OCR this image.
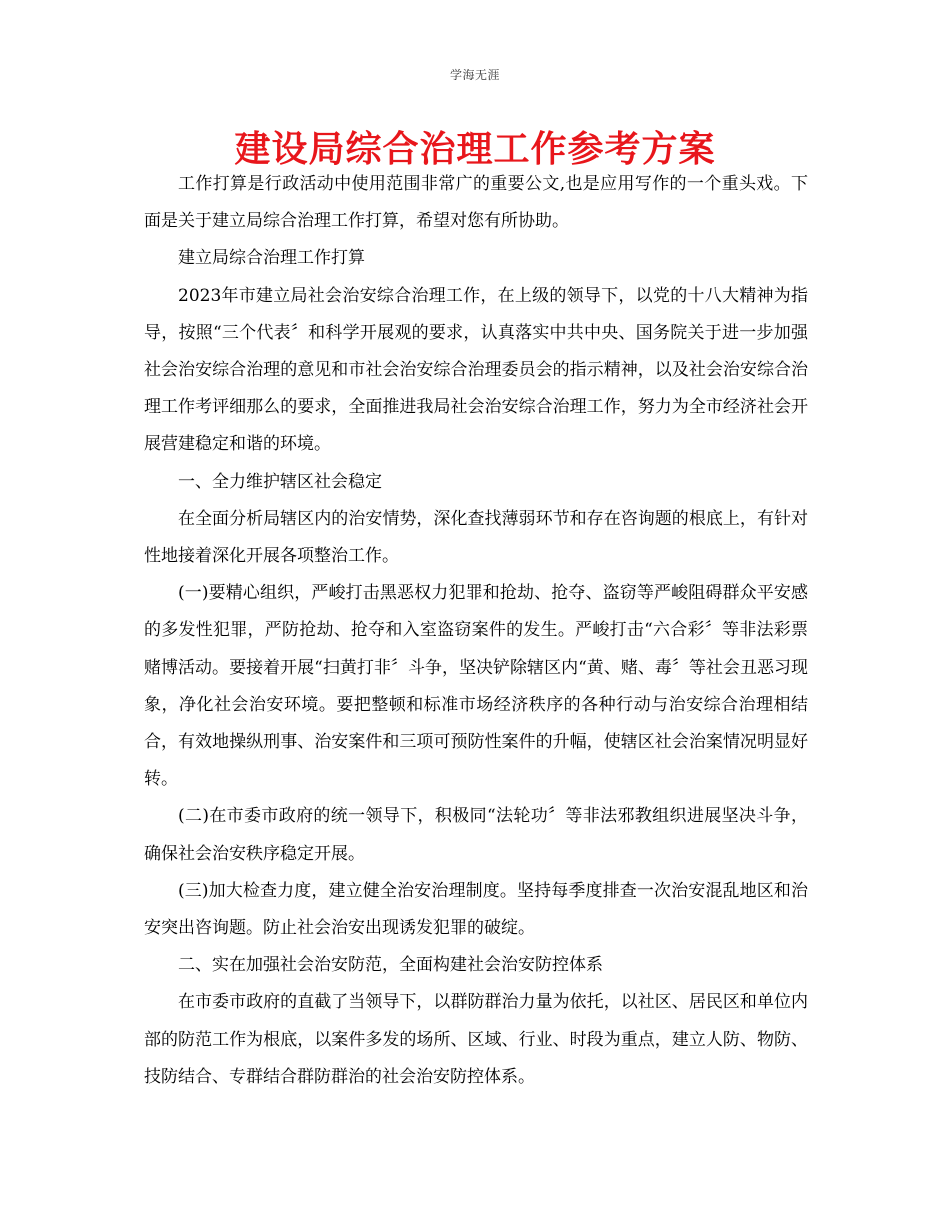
学海无涯
建设局综合治理工作参考方案

工作打算是行政活动中使用范围非常广的重要公文,也是应用写作的一个重头戏。下面是关于建立局综合治理工作打算，希望对您有所协助。

建立局综合治理工作打算

2023年市建立局社会治安综合治理工作，在上级的领导下，以党的十八大精神为指导，按照“三个代表〞和科学开展观的要求，认真落实中共中央、国务院关于进一步加强社会治安综合治理的意见和市社会治安综合治理委员会的指示精神，以及社会治安综合治理工作考评细那么的要求，全面推进我局社会治安综合治理工作，努力为全市经济社会开展营建稳定和谐的环境。

一、全力维护辖区社会稳定

在全面分析局辖区内的治安情势，深化查找薄弱环节和存在咨询题的根底上，有针对性地接着深化开展各项整治工作。

(一)要精心组织，严峻打击黑恶权力犯罪和抢劫、抢夺、盗窃等严峻阻碍群众平安感的多发性犯罪，严防抢劫、抢夺和入室盗窃案件的发生。严峻打击“六合彩〞等非法彩票赌博活动。要接着开展“扫黄打非〞斗争，坚决铲除辖区内“黄、赌、毒〞等社会丑恶习现象，净化社会治安环境。要把整顿和标准市场经济秩序的各种行动与治安综合治理相结合，有效地操纵刑事、治安案件和三项可预防性案件的升幅，使辖区社会治案情况明显好转。

(二)在市委市政府的统一领导下，积极同“法轮功〞等非法邪教组织进展坚决斗争，确保社会治安秩序稳定开展。

(三)加大检查力度，建立健全治安治理制度。坚持每季度排查一次治安混乱地区和治安突出咨询题。防止社会治安出现诱发犯罪的破绽。

二、实在加强社会治安防范，全面构建社会治安防控体系

在市委市政府的直截了当领导下，以群防群治力量为依托，以社区、居民区和单位内部的防范工作为根底，以案件多发的场所、区域、行业、时段为重点，建立人防、物防、技防结合、专群结合群防群治的社会治安防控体系。
